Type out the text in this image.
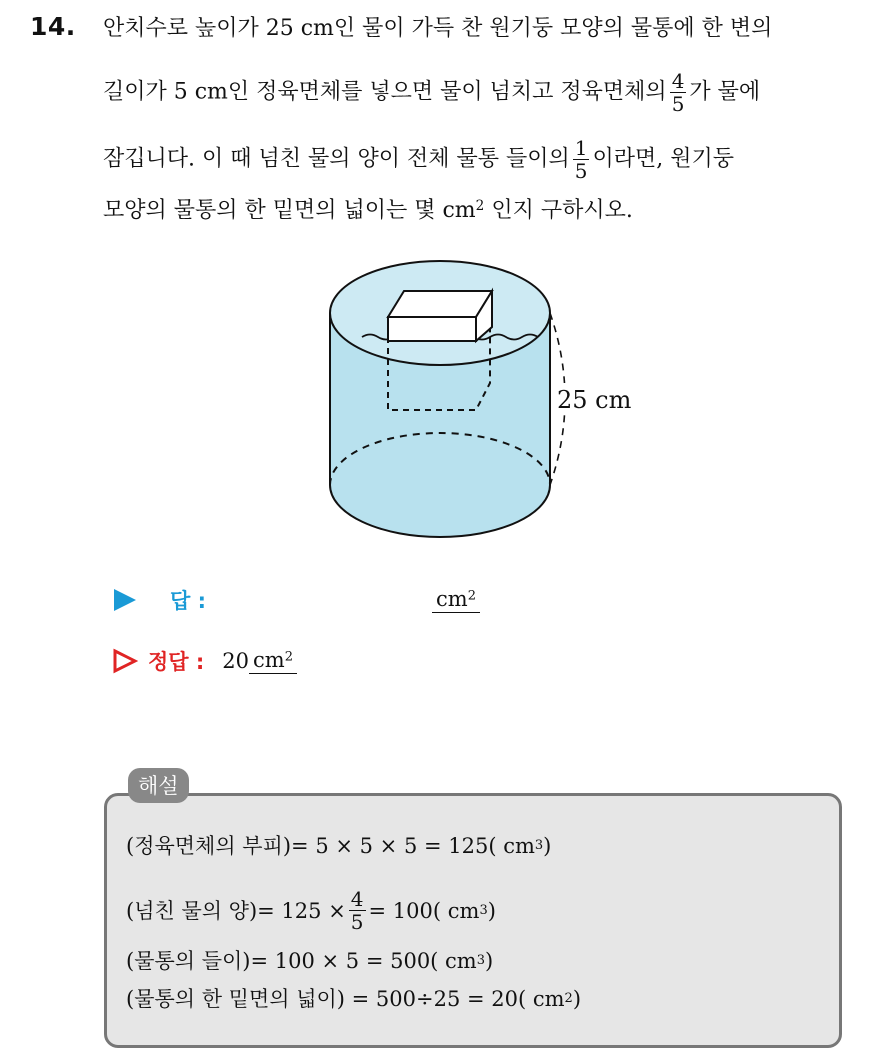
14. 안치수로 높이가 25 cm인 물이 가득 찬 원기둥 모양의 물통에 한 변의
길이가 5 cm인 정육면체를 넣으면 물이 넘치고 정육면체의 $\frac{4}{5}$ 가 물에
잠깁니다. 이 때 넘친 물의 양이 전체 물통 들이의 $\frac{1}{5}$ 이라면, 원기둥
모양의 물통의 한 밑면의 넓이는 몇 $cm^2$ 인지 구하시오.
25 cm
답 :	$cm^2$
정답 : 20 $cm^2$
해설
(정육면체의 부피)= 5 × 5 × 5 = 125( cm 3 )
(넘친 물의 양)= $125 \times \frac{4}{5} = 100$( cm 3 )
(물통의 들이)= 100 × 5 = 500( cm 3 )
(물통의 한 밑면의 넓이) = 500÷25 = 20( cm 2 )
